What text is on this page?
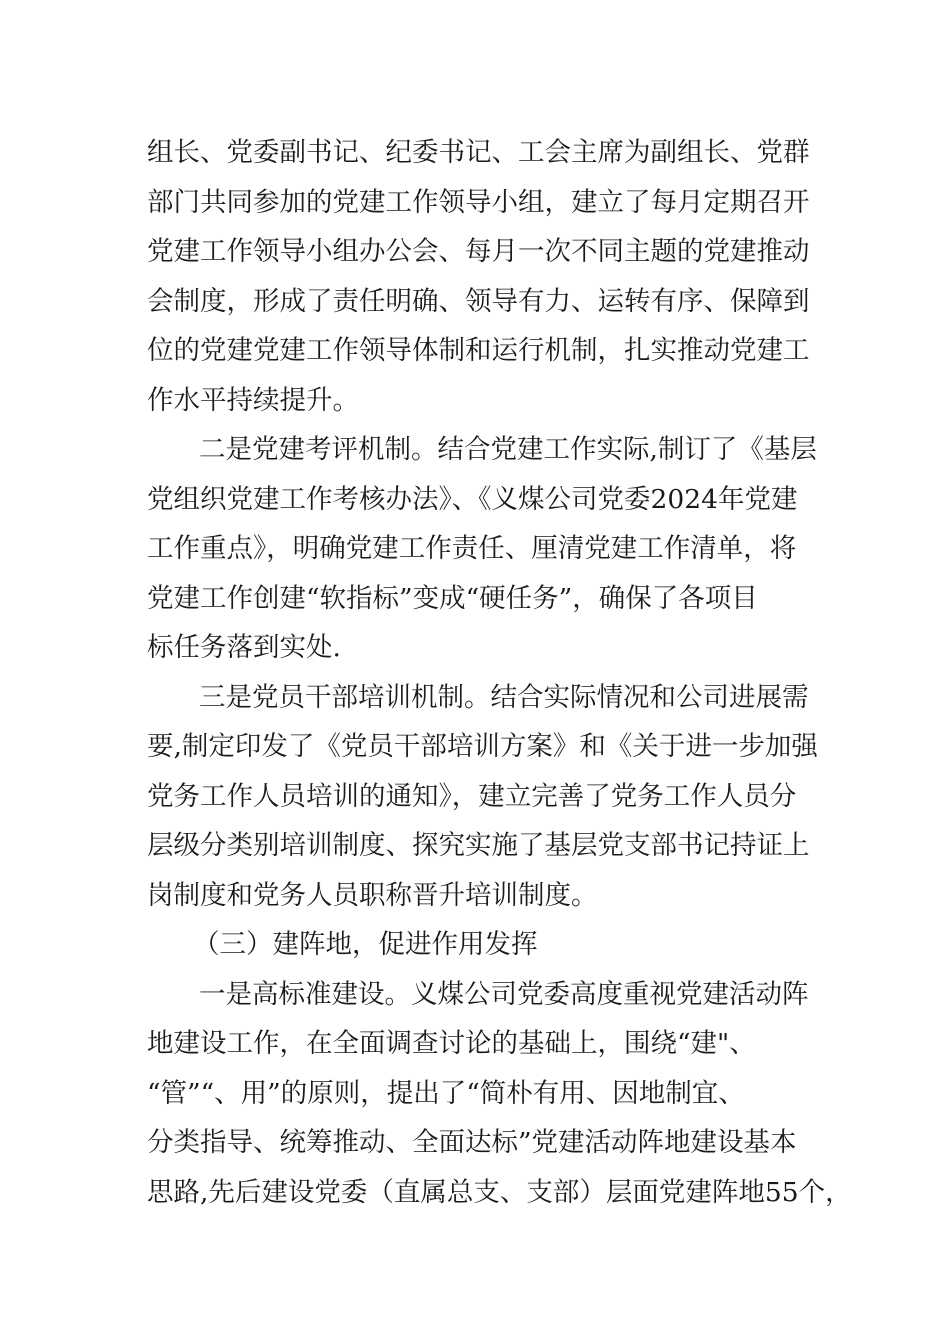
组长、党委副书记、纪委书记、工会主席为副组长、党群
部门共同参加的党建工作领导小组，建立了每月定期召开
党建工作领导小组办公会、每月一次不同主题的党建推动
会制度，形成了责任明确、领导有力、运转有序、保障到
位的党建党建工作领导体制和运行机制，扎实推动党建工
作水平持续提升。
二是党建考评机制。结合党建工作实际,制订了《基层
党组织党建工作考核办法》、《义煤公司党委2024年党建
工作重点》，明确党建工作责任、厘清党建工作清单，将
党建工作创建“软指标”变成“硬任务”，确保了各项目
标任务落到实处.
三是党员干部培训机制。结合实际情况和公司进展需
要,制定印发了《党员干部培训方案》和《关于进一步加强
党务工作人员培训的通知》，建立完善了党务工作人员分
层级分类别培训制度、探究实施了基层党支部书记持证上
岗制度和党务人员职称晋升培训制度。
（三）建阵地，促进作用发挥
一是高标准建设。义煤公司党委高度重视党建活动阵
地建设工作，在全面调查讨论的基础上，围绕“建"、
“管”“、用”的原则，提出了“简朴有用、因地制宜、
分类指导、统筹推动、全面达标”党建活动阵地建设基本
思路,先后建设党委（直属总支、支部）层面党建阵地55个，
